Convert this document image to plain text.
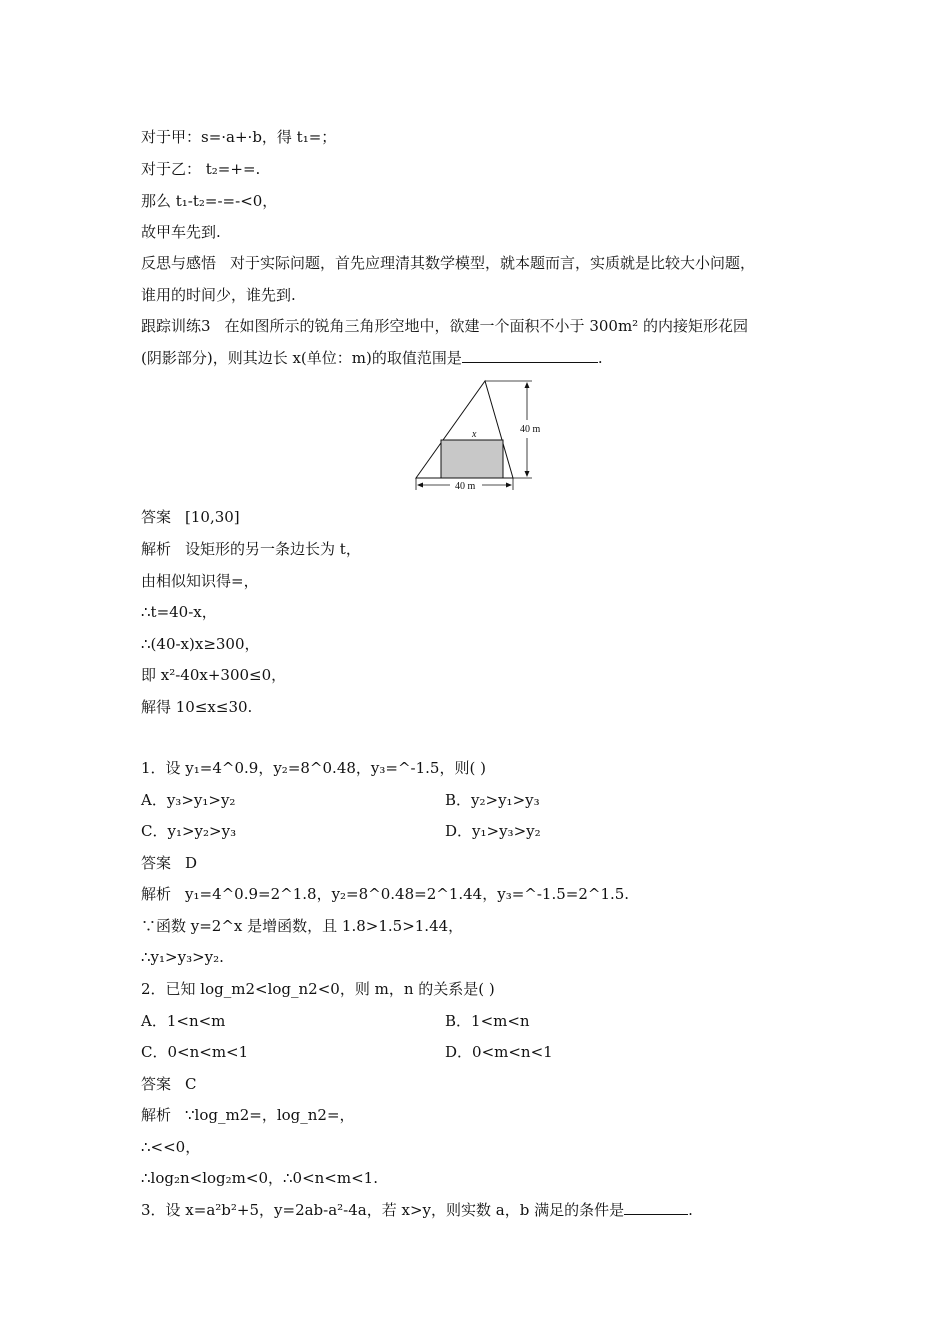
对于甲：s=·a+·b，得 t₁=；
对于乙： t₂=+=.
那么 t₁-t₂=-=-<0，
故甲车先到.
反思与感悟 对于实际问题，首先应理清其数学模型，就本题而言，实质就是比较大小问题，
谁用的时间少，谁先到.
跟踪训练3 在如图所示的锐角三角形空地中，欲建一个面积不小于 300m² 的内接矩形花园
(阴影部分)，则其边长 x(单位：m)的取值范围是	.
40 m
40 m
x
答案 [10,30]
解析 设矩形的另一条边长为 t，
由相似知识得=，
∴t=40-x，
∴(40-x)x≥300，
即 x²-40x+300≤0，
解得 10≤x≤30.
1．设 y₁=4^0.9，y₂=8^0.48，y₃=^-1.5，则( )
A．y₃>y₁>y₂	B．y₂>y₁>y₃
C．y₁>y₂>y₃	D．y₁>y₃>y₂
答案 D
解析 y₁=4^0.9=2^1.8，y₂=8^0.48=2^1.44，y₃=^-1.5=2^1.5.
∵函数 y=2^x 是增函数，且 1.8>1.5>1.44，
∴y₁>y₃>y₂.
2．已知 log_m2<log_n2<0，则 m，n 的关系是( )
A．1<n<m	B．1<m<n
C．0<n<m<1	D．0<m<n<1
答案 C
解析 ∵log_m2=，log_n2=，
∴<<0，
∴log₂n<log₂m<0，∴0<n<m<1.
3．设 x=a²b²+5，y=2ab-a²-4a，若 x>y，则实数 a，b 满足的条件是	.
